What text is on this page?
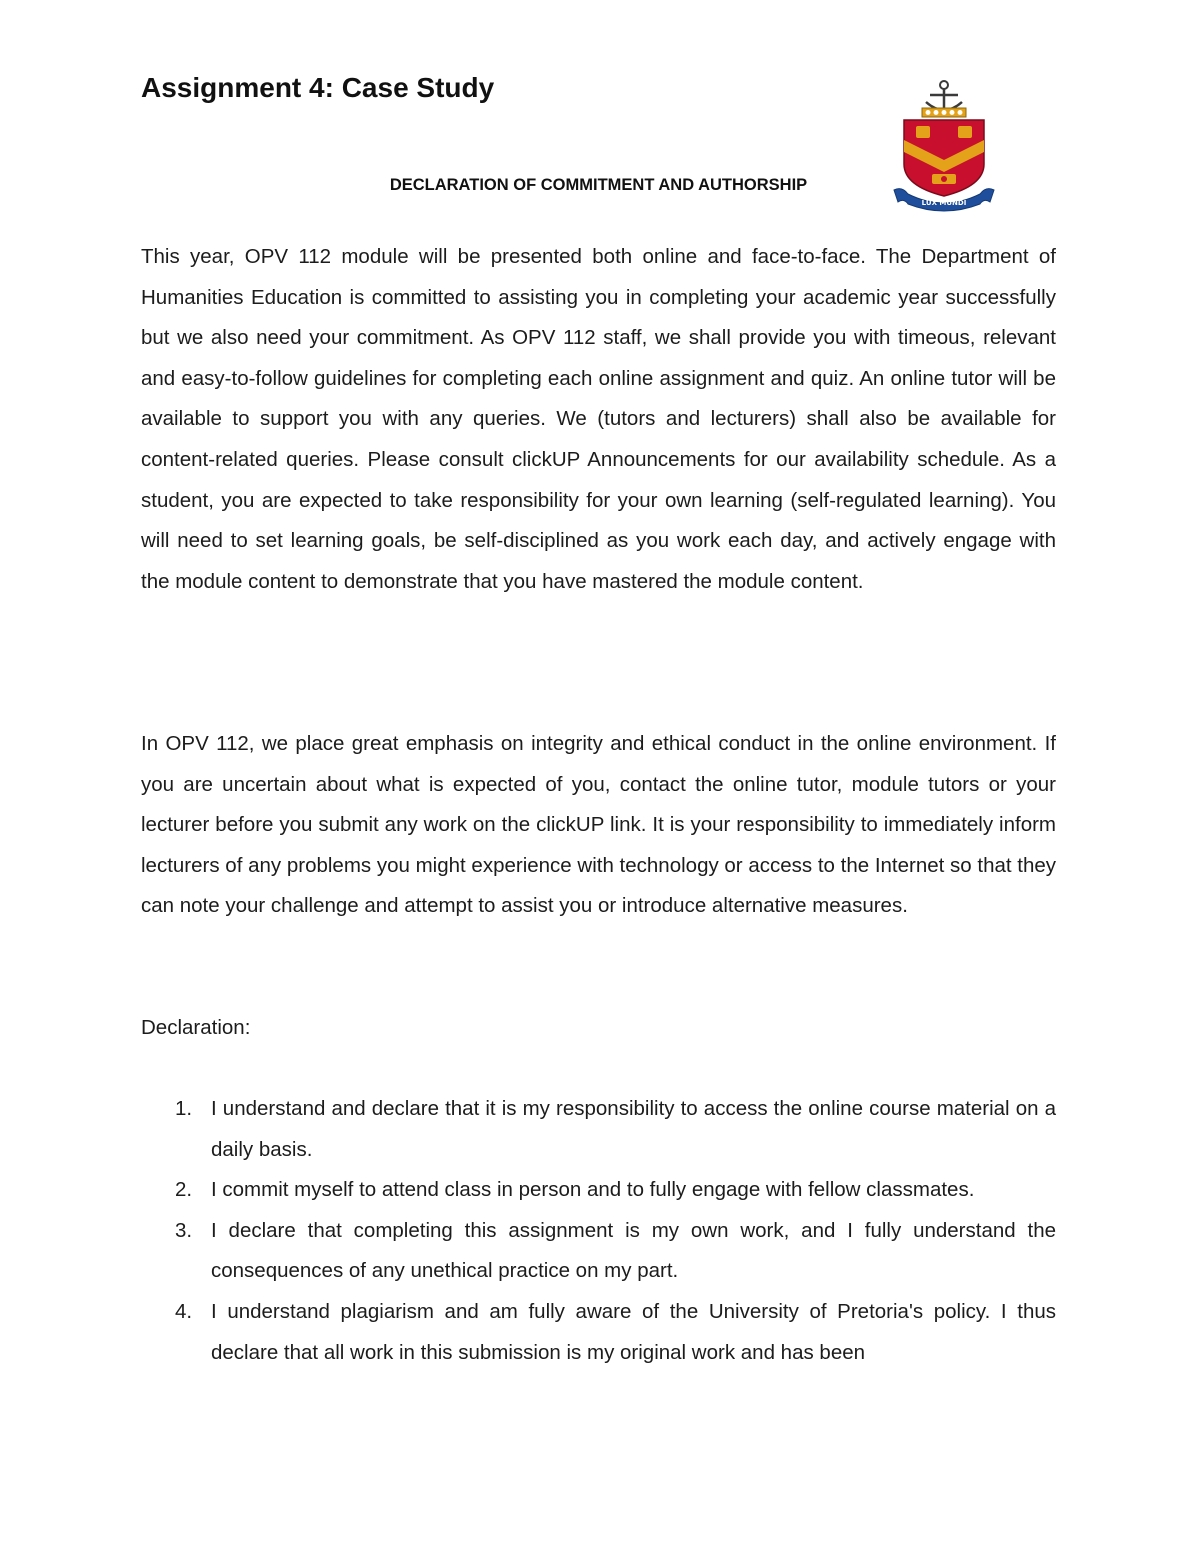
Assignment 4: Case Study
LUX MUNDI

DECLARATION OF COMMITMENT AND AUTHORSHIP

This year, OPV 112 module will be presented both online and face-to-face. The Department of Humanities Education is committed to assisting you in completing your academic year successfully but we also need your commitment. As OPV 112 staff, we shall provide you with timeous, relevant and easy-to-follow guidelines for completing each online assignment and quiz. An online tutor will be available to support you with any queries. We (tutors and lecturers) shall also be available for content-related queries. Please consult clickUP Announcements for our availability schedule. As a student, you are expected to take responsibility for your own learning (self-regulated learning). You will need to set learning goals, be self-disciplined as you work each day, and actively engage with the module content to demonstrate that you have mastered the module content.

In OPV 112, we place great emphasis on integrity and ethical conduct in the online environment. If you are uncertain about what is expected of you, contact the online tutor, module tutors or your lecturer before you submit any work on the clickUP link. It is your responsibility to immediately inform lecturers of any problems you might experience with technology or access to the Internet so that they can note your challenge and attempt to assist you or introduce alternative measures.

Declaration:

1. I understand and declare that it is my responsibility to access the online course material on a daily basis.
2. I commit myself to attend class in person and to fully engage with fellow classmates.
3. I declare that completing this assignment is my own work, and I fully understand the consequences of any unethical practice on my part.
4. I understand plagiarism and am fully aware of the University of Pretoria's policy. I thus declare that all work in this submission is my original work and has been
